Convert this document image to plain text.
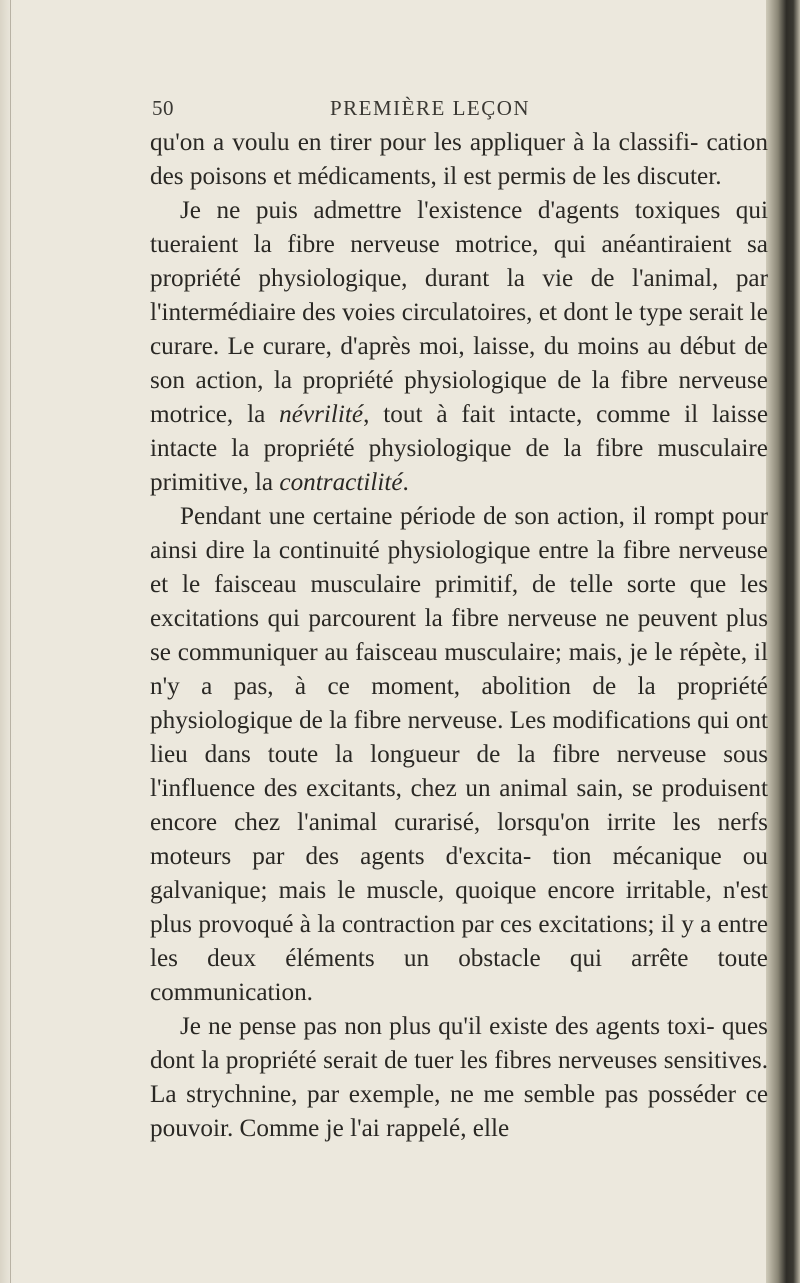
50	PREMIÈRE LEÇON

qu'on a voulu en tirer pour les appliquer à la classifi- cation des poisons et médicaments, il est permis de les discuter.

Je ne puis admettre l'existence d'agents toxiques qui tueraient la fibre nerveuse motrice, qui anéantiraient sa propriété physiologique, durant la vie de l'animal, par l'intermédiaire des voies circulatoires, et dont le type serait le curare. Le curare, d'après moi, laisse, du moins au début de son action, la propriété physiologique de la fibre nerveuse motrice, la névrilité, tout à fait intacte, comme il laisse intacte la propriété physiologique de la fibre musculaire primitive, la contractilité.

Pendant une certaine période de son action, il rompt pour ainsi dire la continuité physiologique entre la fibre nerveuse et le faisceau musculaire primitif, de telle sorte que les excitations qui parcourent la fibre nerveuse ne peuvent plus se communiquer au faisceau musculaire; mais, je le répète, il n'y a pas, à ce moment, abolition de la propriété physiologique de la fibre nerveuse. Les modifications qui ont lieu dans toute la longueur de la fibre nerveuse sous l'influence des excitants, chez un animal sain, se produisent encore chez l'animal curarisé, lorsqu'on irrite les nerfs moteurs par des agents d'excita- tion mécanique ou galvanique; mais le muscle, quoique encore irritable, n'est plus provoqué à la contraction par ces excitations; il y a entre les deux éléments un obstacle qui arrête toute communication.

Je ne pense pas non plus qu'il existe des agents toxi- ques dont la propriété serait de tuer les fibres nerveuses sensitives. La strychnine, par exemple, ne me semble pas posséder ce pouvoir. Comme je l'ai rappelé, elle
